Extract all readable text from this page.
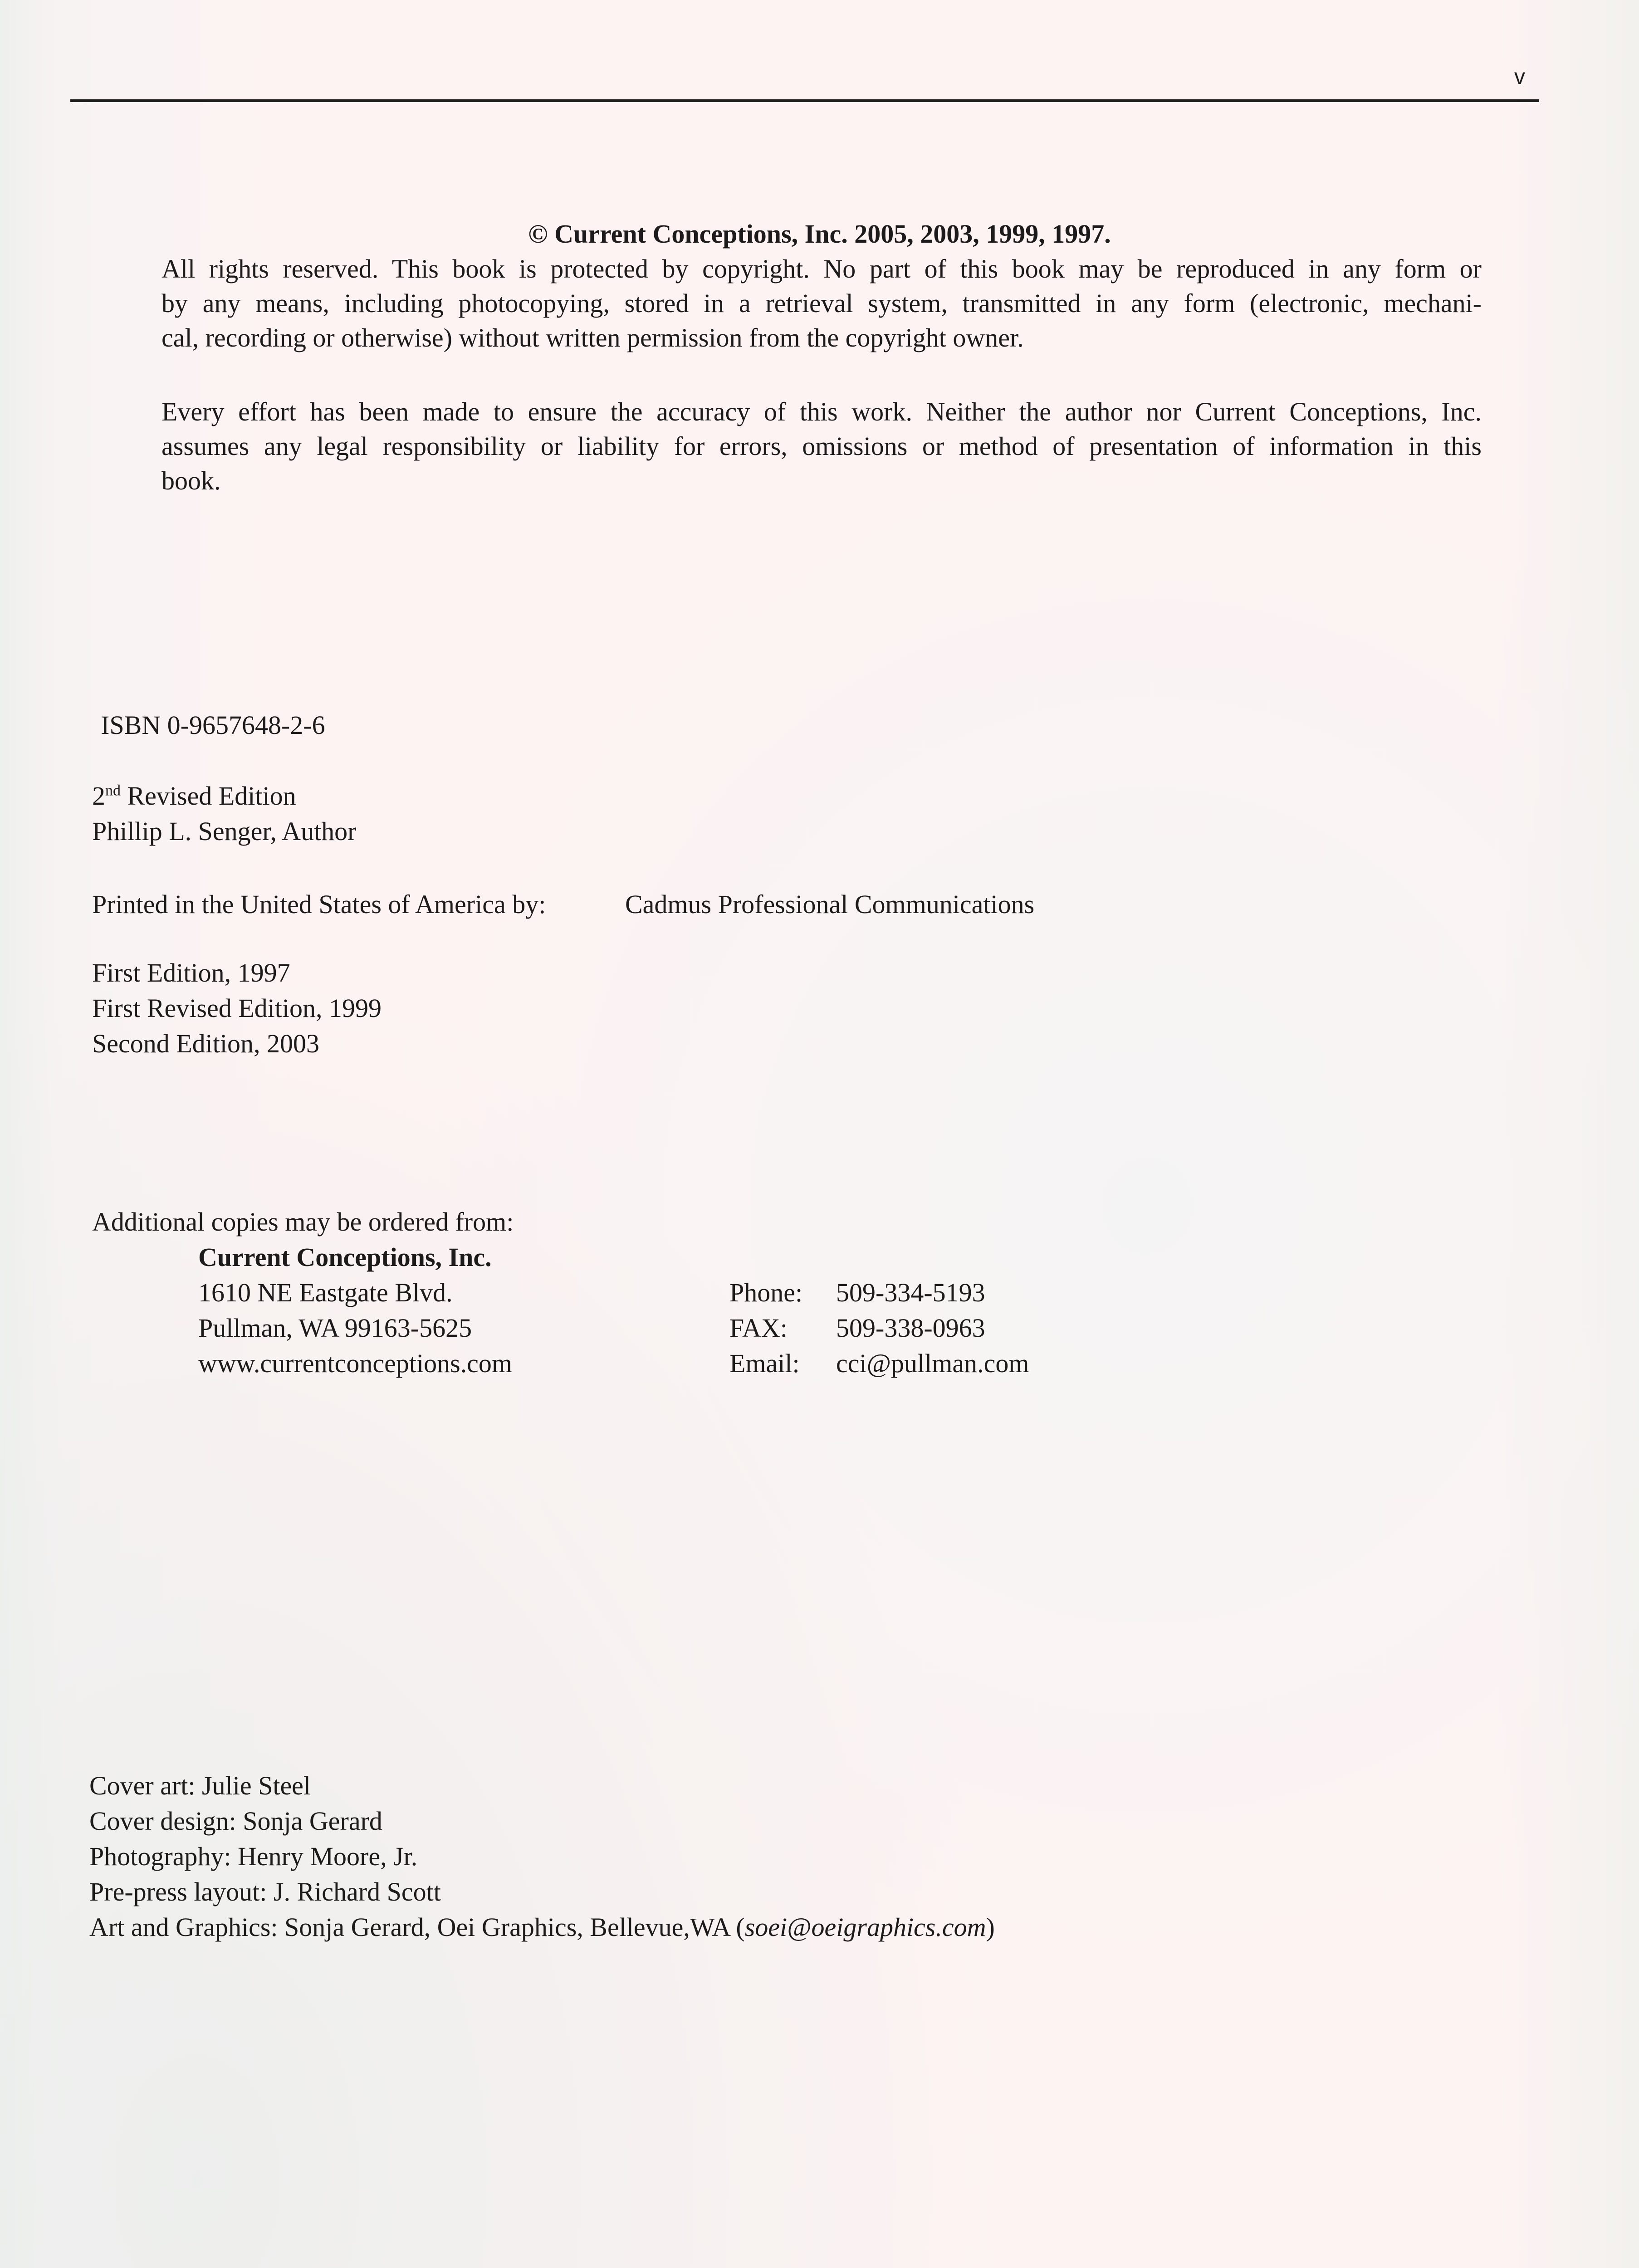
v
© Current Conceptions, Inc. 2005, 2003, 1999, 1997.
All rights reserved. This book is protected by copyright. No part of this book may be reproduced in any form or
by any means, including photocopying, stored in a retrieval system, transmitted in any form (electronic, mechani-
cal, recording or otherwise) without written permission from the copyright owner.
Every effort has been made to ensure the accuracy of this work. Neither the author nor Current Conceptions, Inc.
assumes any legal responsibility or liability for errors, omissions or method of presentation of information in this
book.
ISBN 0-9657648-2-6
2nd Revised Edition
Phillip L. Senger, Author
Printed in the United States of America by:	Cadmus Professional Communications
First Edition, 1997
First Revised Edition, 1999
Second Edition, 2003
Additional copies may be ordered from:
Current Conceptions, Inc.
1610 NE Eastgate Blvd.
Pullman, WA 99163-5625
www.currentconceptions.com
Phone: 509-334-5193
FAX: 509-338-0963
Email: cci@pullman.com
Cover art: Julie Steel
Cover design: Sonja Gerard
Photography: Henry Moore, Jr.
Pre-press layout: J. Richard Scott
Art and Graphics: Sonja Gerard, Oei Graphics, Bellevue,WA (soei@oeigraphics.com)
